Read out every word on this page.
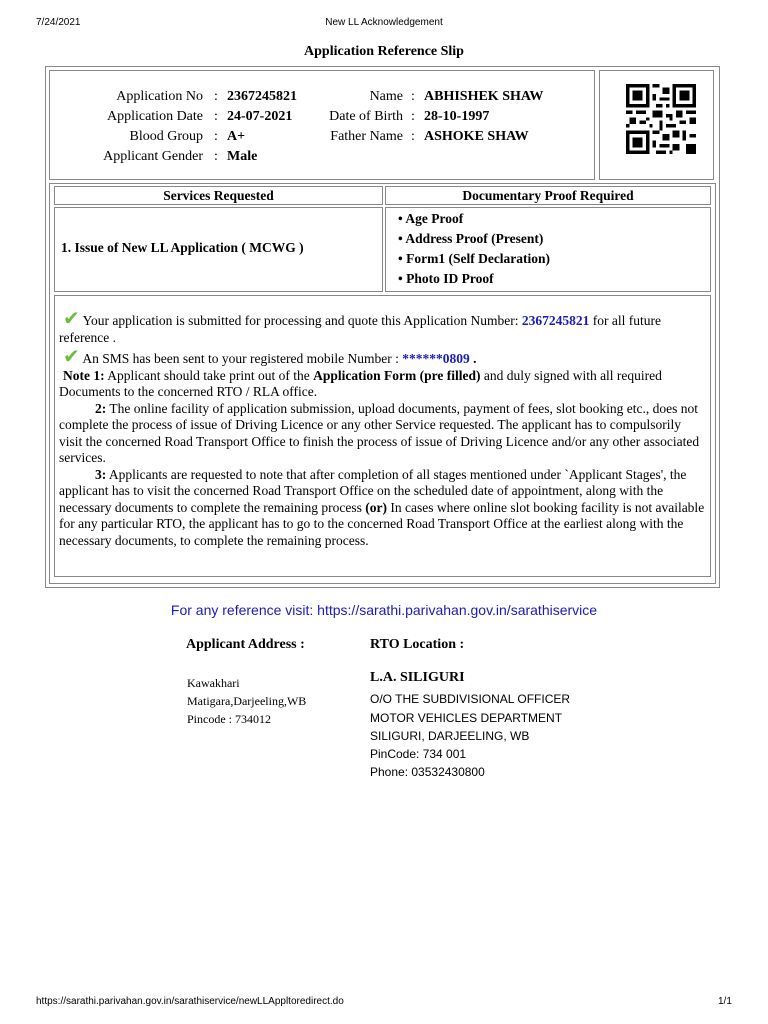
7/24/2021	New LL Acknowledgement
Application Reference Slip
Application No : 2367245821	Name : ABHISHEK SHAW
Application Date : 24-07-2021	Date of Birth : 28-10-1997
Blood Group : A+	Father Name : ASHOKE SHAW
Applicant Gender : Male
Services Requested	Documentary Proof Required
1. Issue of New LL Application ( MCWG )
• Age Proof
• Address Proof (Present)
• Form1 (Self Declaration)
• Photo ID Proof
✔ Your application is submitted for processing and quote this Application Number: 2367245821 for all future reference .
✔ An SMS has been sent to your registered mobile Number : ******0809 .
Note 1: Applicant should take print out of the Application Form (pre filled) and duly signed with all required Documents to the concerned RTO / RLA office.
2: The online facility of application submission, upload documents, payment of fees, slot booking etc., does not complete the process of issue of Driving Licence or any other Service requested. The applicant has to compulsorily visit the concerned Road Transport Office to finish the process of issue of Driving Licence and/or any other associated services.
3: Applicants are requested to note that after completion of all stages mentioned under `Applicant Stages', the applicant has to visit the concerned Road Transport Office on the scheduled date of appointment, along with the necessary documents to complete the remaining process (or) In cases where online slot booking facility is not available for any particular RTO, the applicant has to go to the concerned Road Transport Office at the earliest along with the necessary documents, to complete the remaining process.
For any reference visit: https://sarathi.parivahan.gov.in/sarathiservice
Applicant Address :	RTO Location :
Kawakhari
Matigara,Darjeeling,WB
Pincode : 734012
L.A. SILIGURI
O/O THE SUBDIVISIONAL OFFICER
MOTOR VEHICLES DEPARTMENT
SILIGURI, DARJEELING, WB
PinCode: 734 001
Phone: 03532430800
https://sarathi.parivahan.gov.in/sarathiservice/newLLAppltoredirect.do	1/1
